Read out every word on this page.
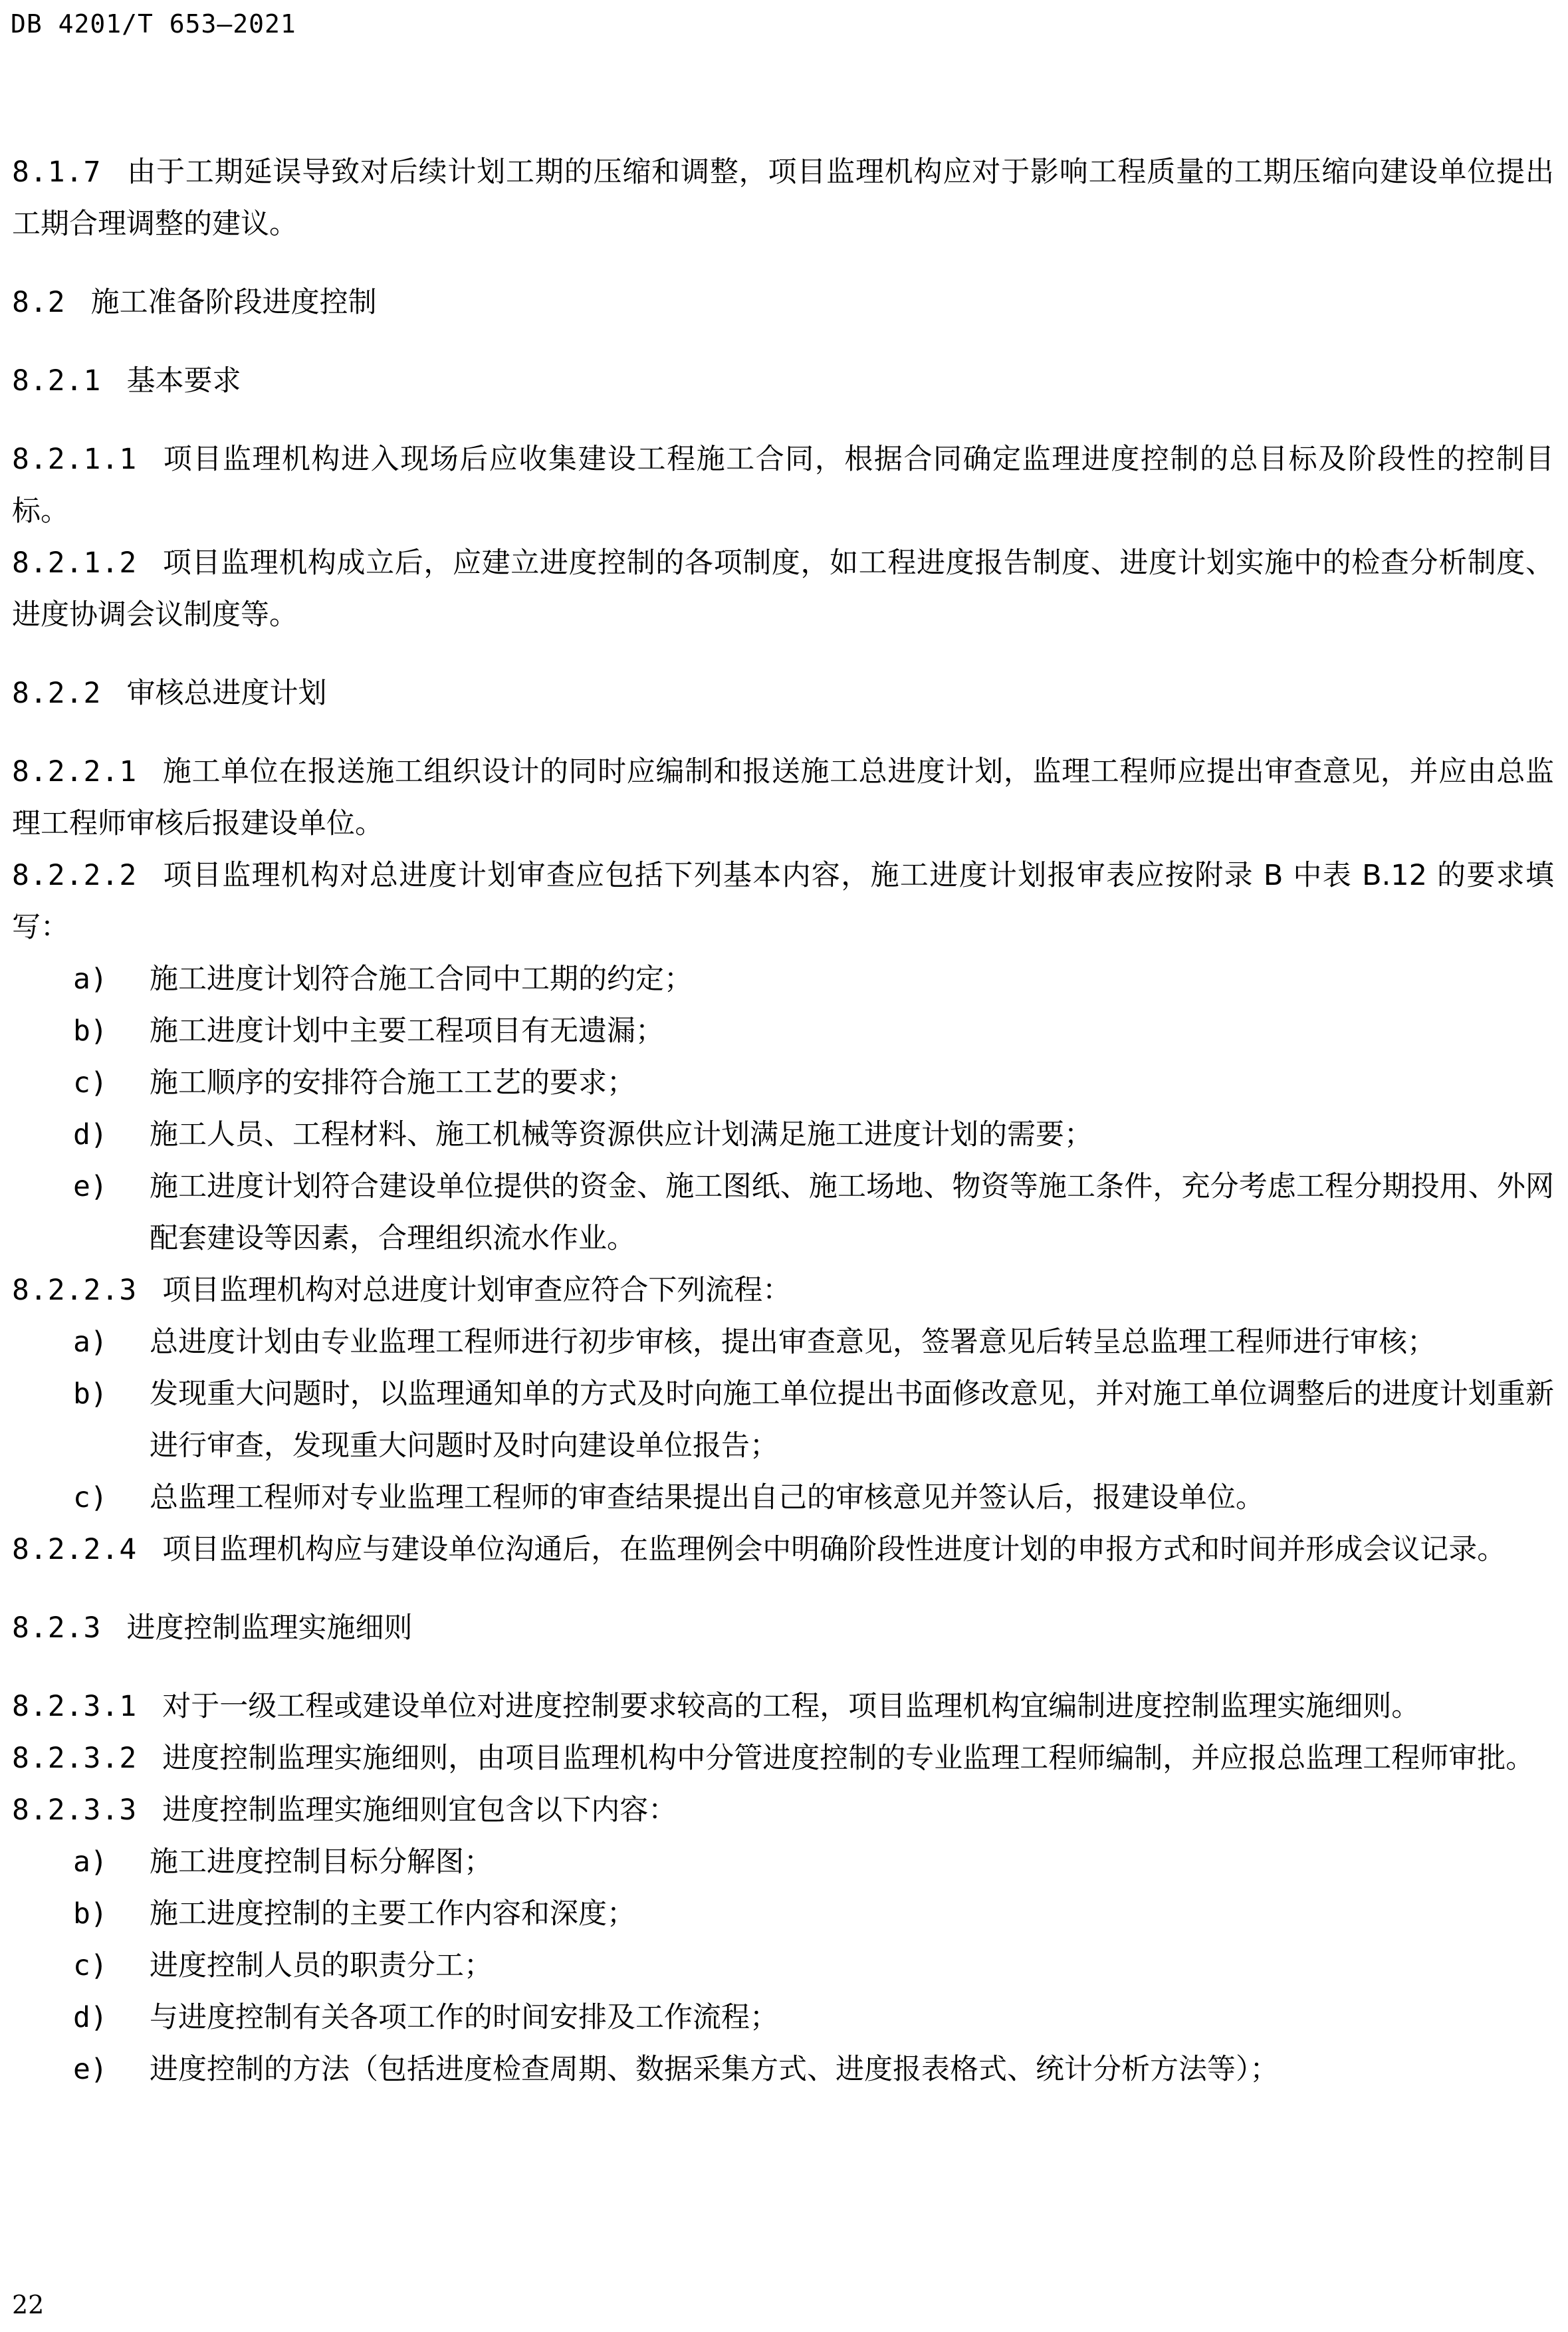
DB 4201/T 653—2021
8.1.7 由于工期延误导致对后续计划工期的压缩和调整，项目监理机构应对于影响工程质量的工期压缩向建设单位提出工期合理调整的建议。
8.2 施工准备阶段进度控制
8.2.1 基本要求
8.2.1.1 项目监理机构进入现场后应收集建设工程施工合同，根据合同确定监理进度控制的总目标及阶段性的控制目标。
8.2.1.2 项目监理机构成立后，应建立进度控制的各项制度，如工程进度报告制度、进度计划实施中的检查分析制度、进度协调会议制度等。
8.2.2 审核总进度计划
8.2.2.1 施工单位在报送施工组织设计的同时应编制和报送施工总进度计划，监理工程师应提出审查意见，并应由总监理工程师审核后报建设单位。
8.2.2.2 项目监理机构对总进度计划审查应包括下列基本内容，施工进度计划报审表应按附录 B 中表 B.12 的要求填写：
a) 施工进度计划符合施工合同中工期的约定；
b) 施工进度计划中主要工程项目有无遗漏；
c) 施工顺序的安排符合施工工艺的要求；
d) 施工人员、工程材料、施工机械等资源供应计划满足施工进度计划的需要；
e) 施工进度计划符合建设单位提供的资金、施工图纸、施工场地、物资等施工条件，充分考虑工程分期投用、外网配套建设等因素，合理组织流水作业。
8.2.2.3 项目监理机构对总进度计划审查应符合下列流程：
a) 总进度计划由专业监理工程师进行初步审核，提出审查意见，签署意见后转呈总监理工程师进行审核；
b) 发现重大问题时，以监理通知单的方式及时向施工单位提出书面修改意见，并对施工单位调整后的进度计划重新进行审查，发现重大问题时及时向建设单位报告；
c) 总监理工程师对专业监理工程师的审查结果提出自己的审核意见并签认后，报建设单位。
8.2.2.4 项目监理机构应与建设单位沟通后，在监理例会中明确阶段性进度计划的申报方式和时间并形成会议记录。
8.2.3 进度控制监理实施细则
8.2.3.1 对于一级工程或建设单位对进度控制要求较高的工程，项目监理机构宜编制进度控制监理实施细则。
8.2.3.2 进度控制监理实施细则，由项目监理机构中分管进度控制的专业监理工程师编制，并应报总监理工程师审批。
8.2.3.3 进度控制监理实施细则宜包含以下内容：
a) 施工进度控制目标分解图；
b) 施工进度控制的主要工作内容和深度；
c) 进度控制人员的职责分工；
d) 与进度控制有关各项工作的时间安排及工作流程；
e) 进度控制的方法（包括进度检查周期、数据采集方式、进度报表格式、统计分析方法等）；
22
